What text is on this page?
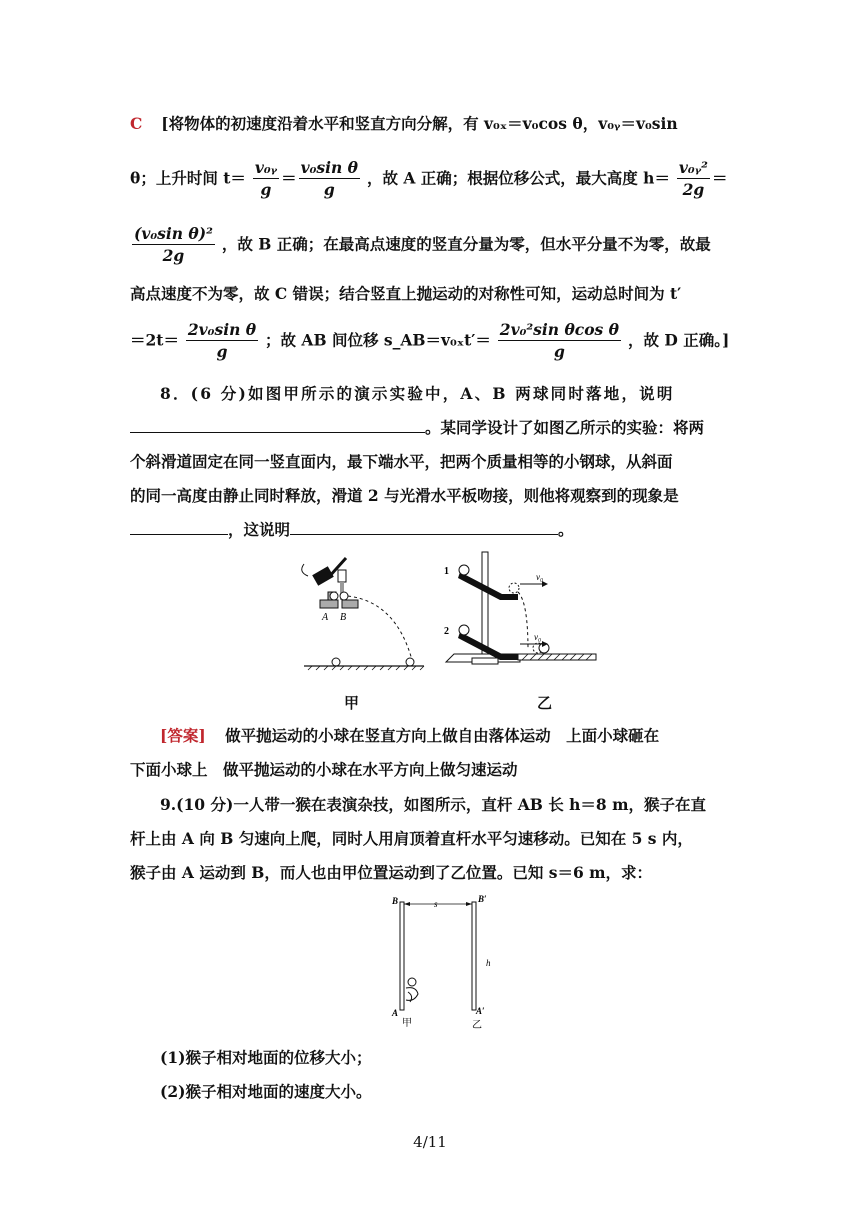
C [将物体的初速度沿着水平和竖直方向分解，有 v₀ₓ＝v₀cos θ，v₀ᵧ＝v₀sin
θ；上升时间 $t= \frac{\text{v₀ᵧ}}{g} = \frac{\text{v₀sin θ}}{g}$ ，故 A 正确；根据位移公式，最大高度 $h= \frac{\text{v₀ᵧ²}}{2g}$ ＝
$\frac{\text{(v₀sin θ)²}}{2g}$ ，故 B 正确；在最高点速度的竖直分量为零，但水平分量不为零，故最
高点速度不为零，故 C 错误；结合竖直上抛运动的对称性可知，运动总时间为 t′
$=2t= \frac{\text{2v₀sin θ}}{g}$ ；故 AB 间位移 s_AB＝v₀ₓt′＝ $\frac{\text{2v₀²sin θcos θ}}{g}$ ，故 D 正确。]
8．(6 分)如图甲所示的演示实验中，A、B 两球同时落地，说明
。某同学设计了如图乙所示的实验：将两
个斜滑道固定在同一竖直面内，最下端水平，把两个质量相等的小钢球，从斜面
的同一高度由静止同时释放，滑道 2 与光滑水平板吻接，则他将观察到的现象是
，这说明	。
A B
甲
1	v₀
2	v₀
乙
[答案] 做平抛运动的小球在竖直方向上做自由落体运动　上面小球砸在
下面小球上　做平抛运动的小球在水平方向上做匀速运动
9.(10 分)一人带一猴在表演杂技，如图所示，直杆 AB 长 h＝8 m，猴子在直
杆上由 A 向 B 匀速向上爬，同时人用肩顶着直杆水平匀速移动。已知在 5 s 内，
猴子由 A 运动到 B，而人也由甲位置运动到了乙位置。已知 s＝6 m，求：
B	B′
s
h
A	A′
甲	乙
(1)猴子相对地面的位移大小；
(2)猴子相对地面的速度大小。
4/11
